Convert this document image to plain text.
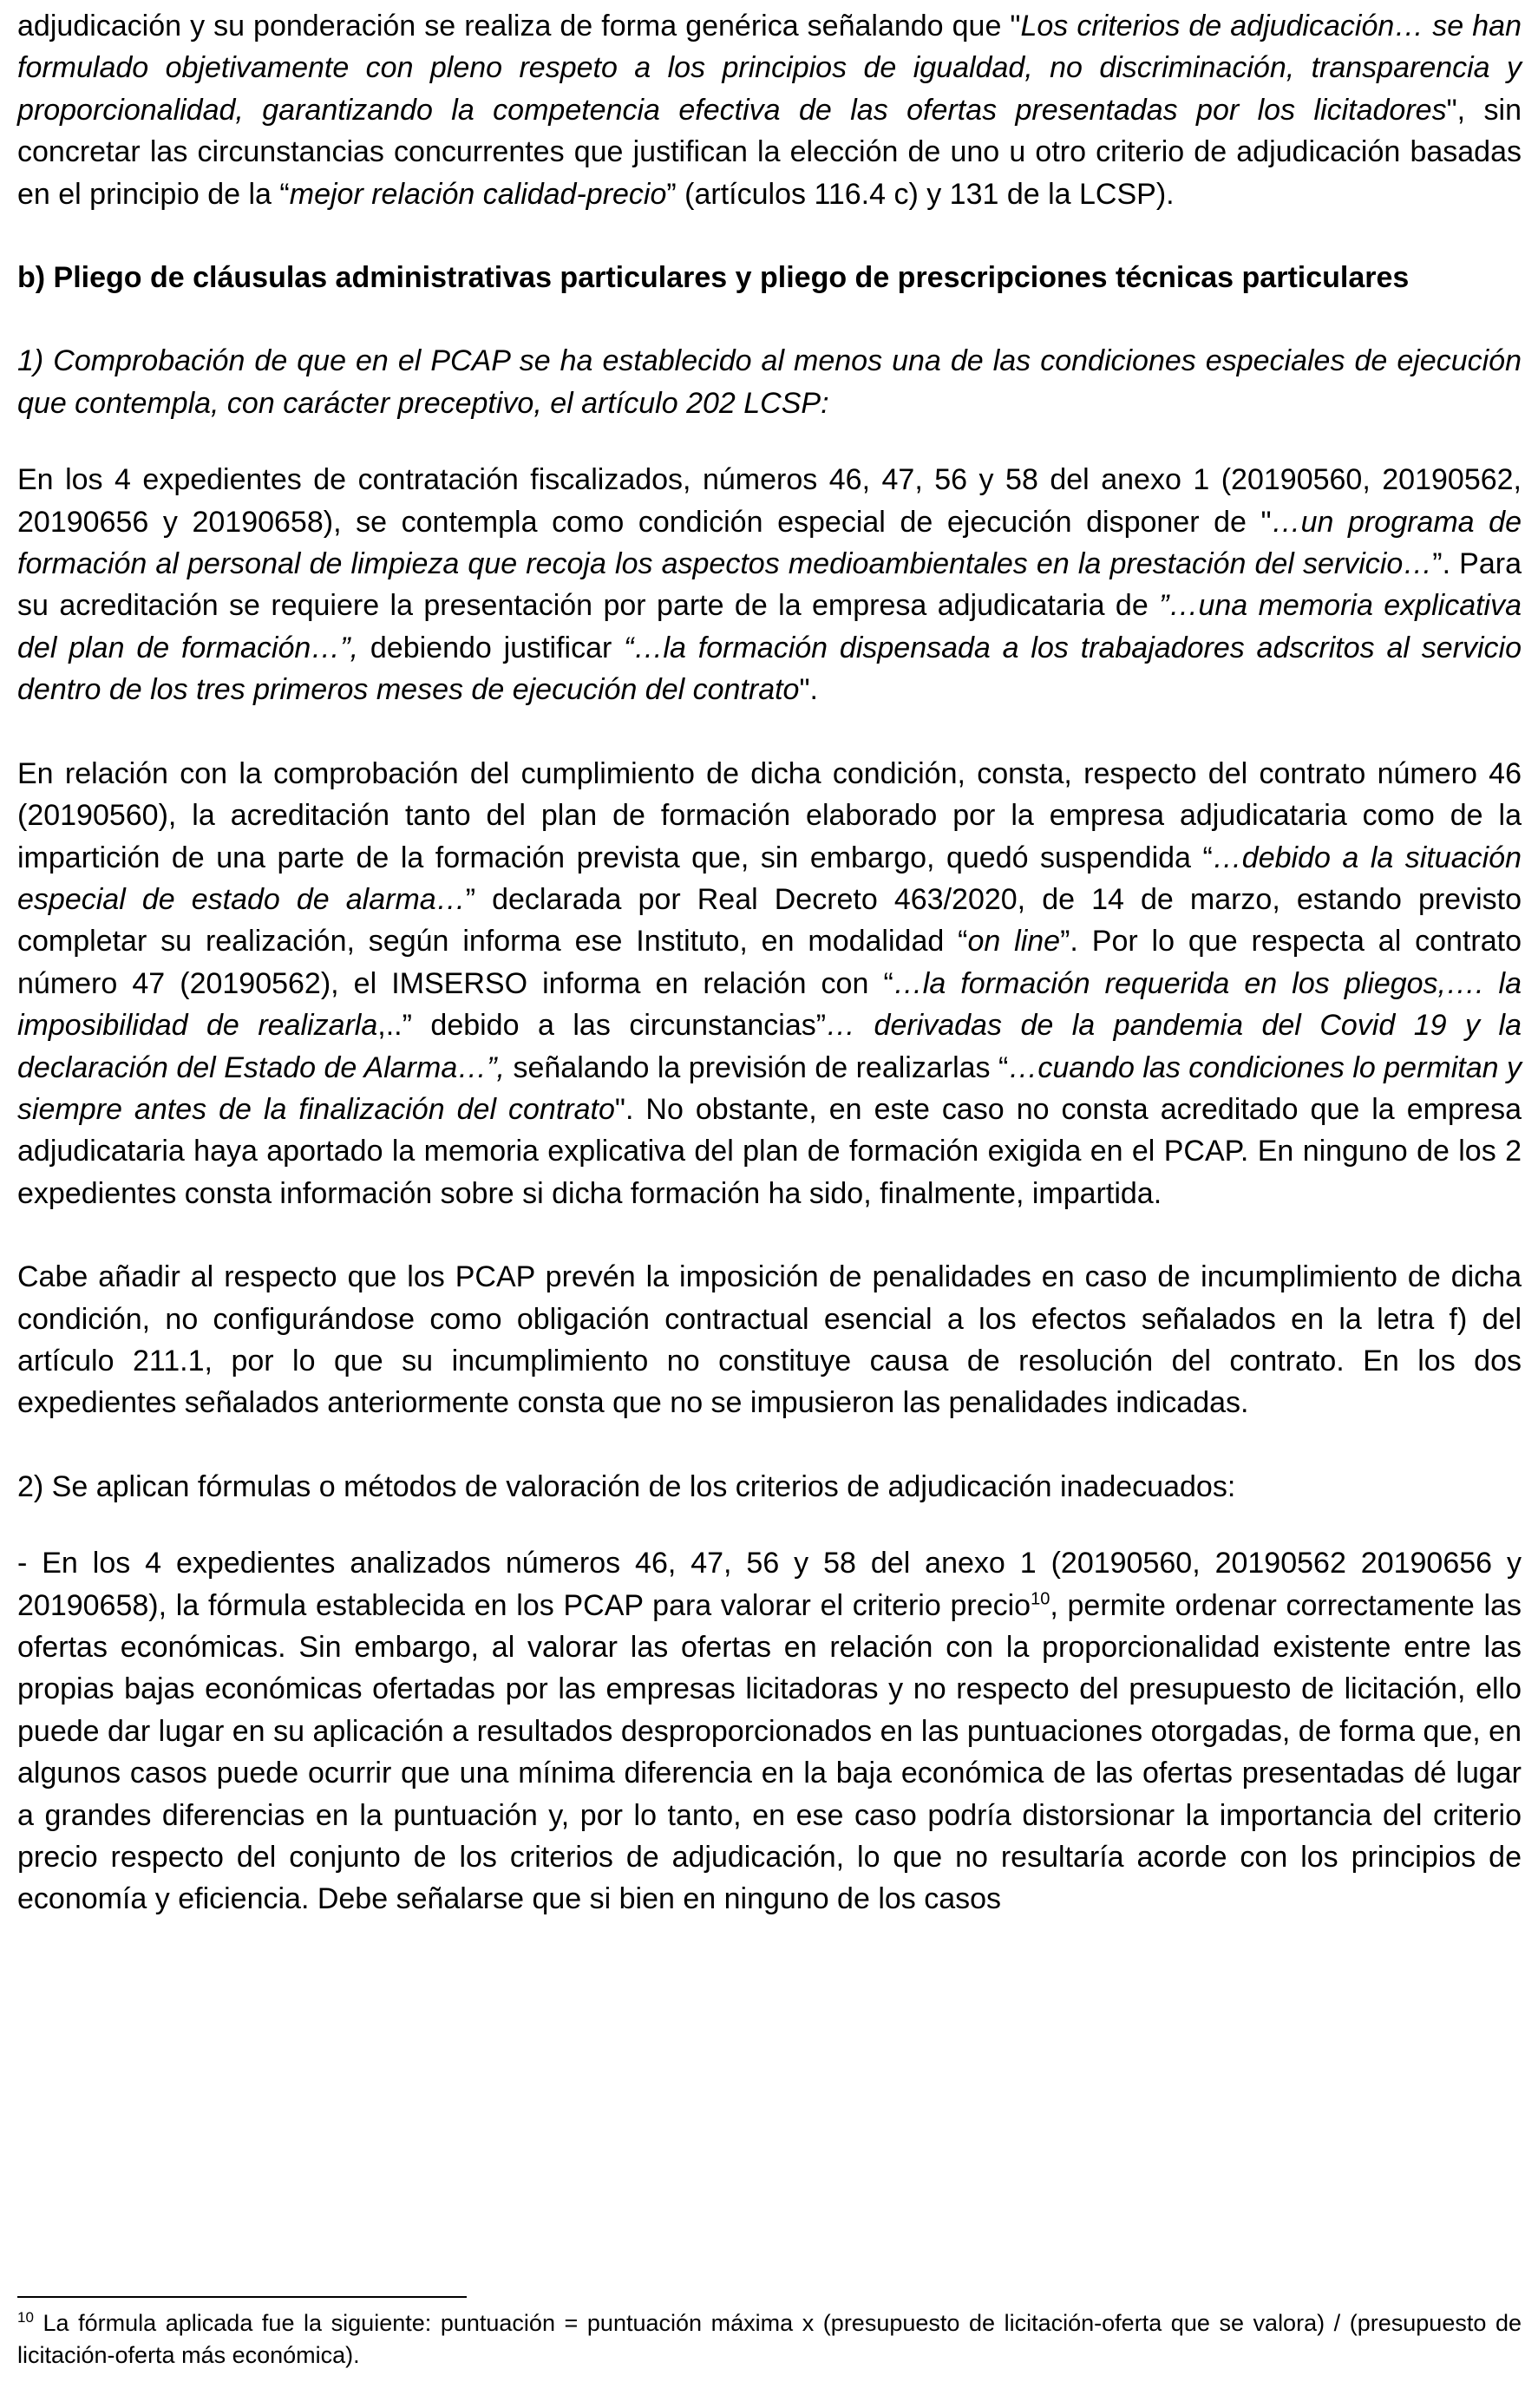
adjudicación y su ponderación se realiza de forma genérica señalando que "Los criterios de adjudicación… se han formulado objetivamente con pleno respeto a los principios de igualdad, no discriminación, transparencia y proporcionalidad, garantizando la competencia efectiva de las ofertas presentadas por los licitadores", sin concretar las circunstancias concurrentes que justifican la elección de uno u otro criterio de adjudicación basadas en el principio de la “mejor relación calidad-precio” (artículos 116.4 c) y 131 de la LCSP).

b) Pliego de cláusulas administrativas particulares y pliego de prescripciones técnicas particulares

1) Comprobación de que en el PCAP se ha establecido al menos una de las condiciones especiales de ejecución que contempla, con carácter preceptivo, el artículo 202 LCSP:

En los 4 expedientes de contratación fiscalizados, números 46, 47, 56 y 58 del anexo 1 (20190560, 20190562, 20190656 y 20190658), se contempla como condición especial de ejecución disponer de "…un programa de formación al personal de limpieza que recoja los aspectos medioambientales en la prestación del servicio…”. Para su acreditación se requiere la presentación por parte de la empresa adjudicataria de ”…una memoria explicativa del plan de formación…”, debiendo justificar “…la formación dispensada a los trabajadores adscritos al servicio dentro de los tres primeros meses de ejecución del contrato".

En relación con la comprobación del cumplimiento de dicha condición, consta, respecto del contrato número 46 (20190560), la acreditación tanto del plan de formación elaborado por la empresa adjudicataria como de la impartición de una parte de la formación prevista que, sin embargo, quedó suspendida “…debido a la situación especial de estado de alarma…” declarada por Real Decreto 463/2020, de 14 de marzo, estando previsto completar su realización, según informa ese Instituto, en modalidad “on line”. Por lo que respecta al contrato número 47 (20190562), el IMSERSO informa en relación con “…la formación requerida en los pliegos,…. la imposibilidad de realizarla,..” debido a las circunstancias”… derivadas de la pandemia del Covid 19 y la declaración del Estado de Alarma…”, señalando la previsión de realizarlas “…cuando las condiciones lo permitan y siempre antes de la finalización del contrato". No obstante, en este caso no consta acreditado que la empresa adjudicataria haya aportado la memoria explicativa del plan de formación exigida en el PCAP. En ninguno de los 2 expedientes consta información sobre si dicha formación ha sido, finalmente, impartida.

Cabe añadir al respecto que los PCAP prevén la imposición de penalidades en caso de incumplimiento de dicha condición, no configurándose como obligación contractual esencial a los efectos señalados en la letra f) del artículo 211.1, por lo que su incumplimiento no constituye causa de resolución del contrato. En los dos expedientes señalados anteriormente consta que no se impusieron las penalidades indicadas.

2) Se aplican fórmulas o métodos de valoración de los criterios de adjudicación inadecuados:

- En los 4 expedientes analizados números 46, 47, 56 y 58 del anexo 1 (20190560, 20190562 20190656 y 20190658), la fórmula establecida en los PCAP para valorar el criterio precio$^{10}$, permite ordenar correctamente las ofertas económicas. Sin embargo, al valorar las ofertas en relación con la proporcionalidad existente entre las propias bajas económicas ofertadas por las empresas licitadoras y no respecto del presupuesto de licitación, ello puede dar lugar en su aplicación a resultados desproporcionados en las puntuaciones otorgadas, de forma que, en algunos casos puede ocurrir que una mínima diferencia en la baja económica de las ofertas presentadas dé lugar a grandes diferencias en la puntuación y, por lo tanto, en ese caso podría distorsionar la importancia del criterio precio respecto del conjunto de los criterios de adjudicación, lo que no resultaría acorde con los principios de economía y eficiencia. Debe señalarse que si bien en ninguno de los casos

$^{10}$ La fórmula aplicada fue la siguiente: puntuación = puntuación máxima x (presupuesto de licitación-oferta que se valora) / (presupuesto de licitación-oferta más económica).
